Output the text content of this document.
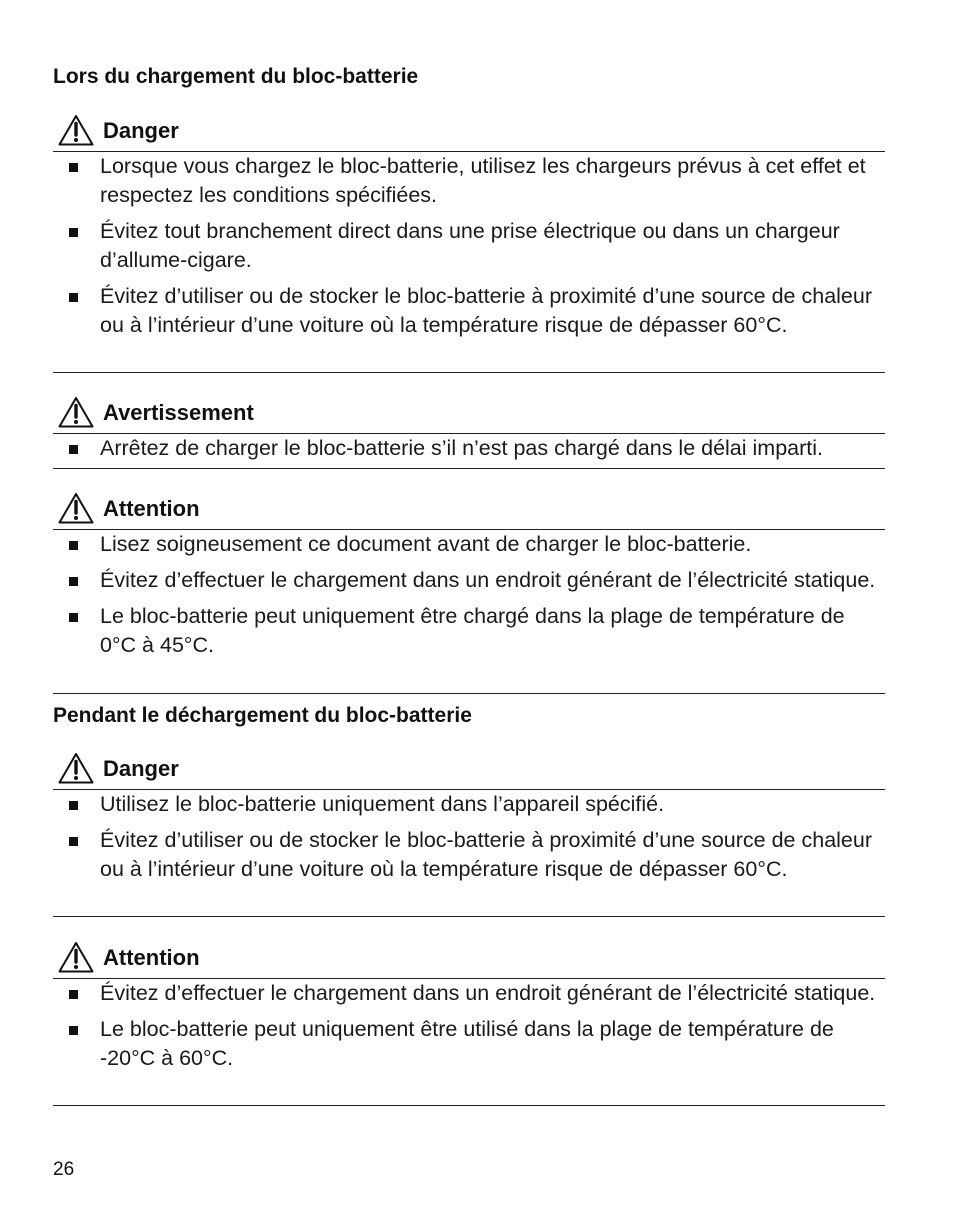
Lors du chargement du bloc-batterie
Danger
Lorsque vous chargez le bloc-batterie, utilisez les chargeurs prévus à cet effet et respectez les conditions spécifiées.
Évitez tout branchement direct dans une prise électrique ou dans un chargeur d’allume-cigare.
Évitez d’utiliser ou de stocker le bloc-batterie à proximité d’une source de chaleur ou à l’intérieur d’une voiture où la température risque de dépasser 60°C.
Avertissement
Arrêtez de charger le bloc-batterie s’il n’est pas chargé dans le délai imparti.
Attention
Lisez soigneusement ce document avant de charger le bloc-batterie.
Évitez d’effectuer le chargement dans un endroit générant de l’électricité statique.
Le bloc-batterie peut uniquement être chargé dans la plage de température de 0°C à 45°C.
Pendant le déchargement du bloc-batterie
Danger
Utilisez le bloc-batterie uniquement dans l’appareil spécifié.
Évitez d’utiliser ou de stocker le bloc-batterie à proximité d’une source de chaleur ou à l’intérieur d’une voiture où la température risque de dépasser 60°C.
Attention
Évitez d’effectuer le chargement dans un endroit générant de l’électricité statique.
Le bloc-batterie peut uniquement être utilisé dans la plage de température de -20°C à 60°C.
26
